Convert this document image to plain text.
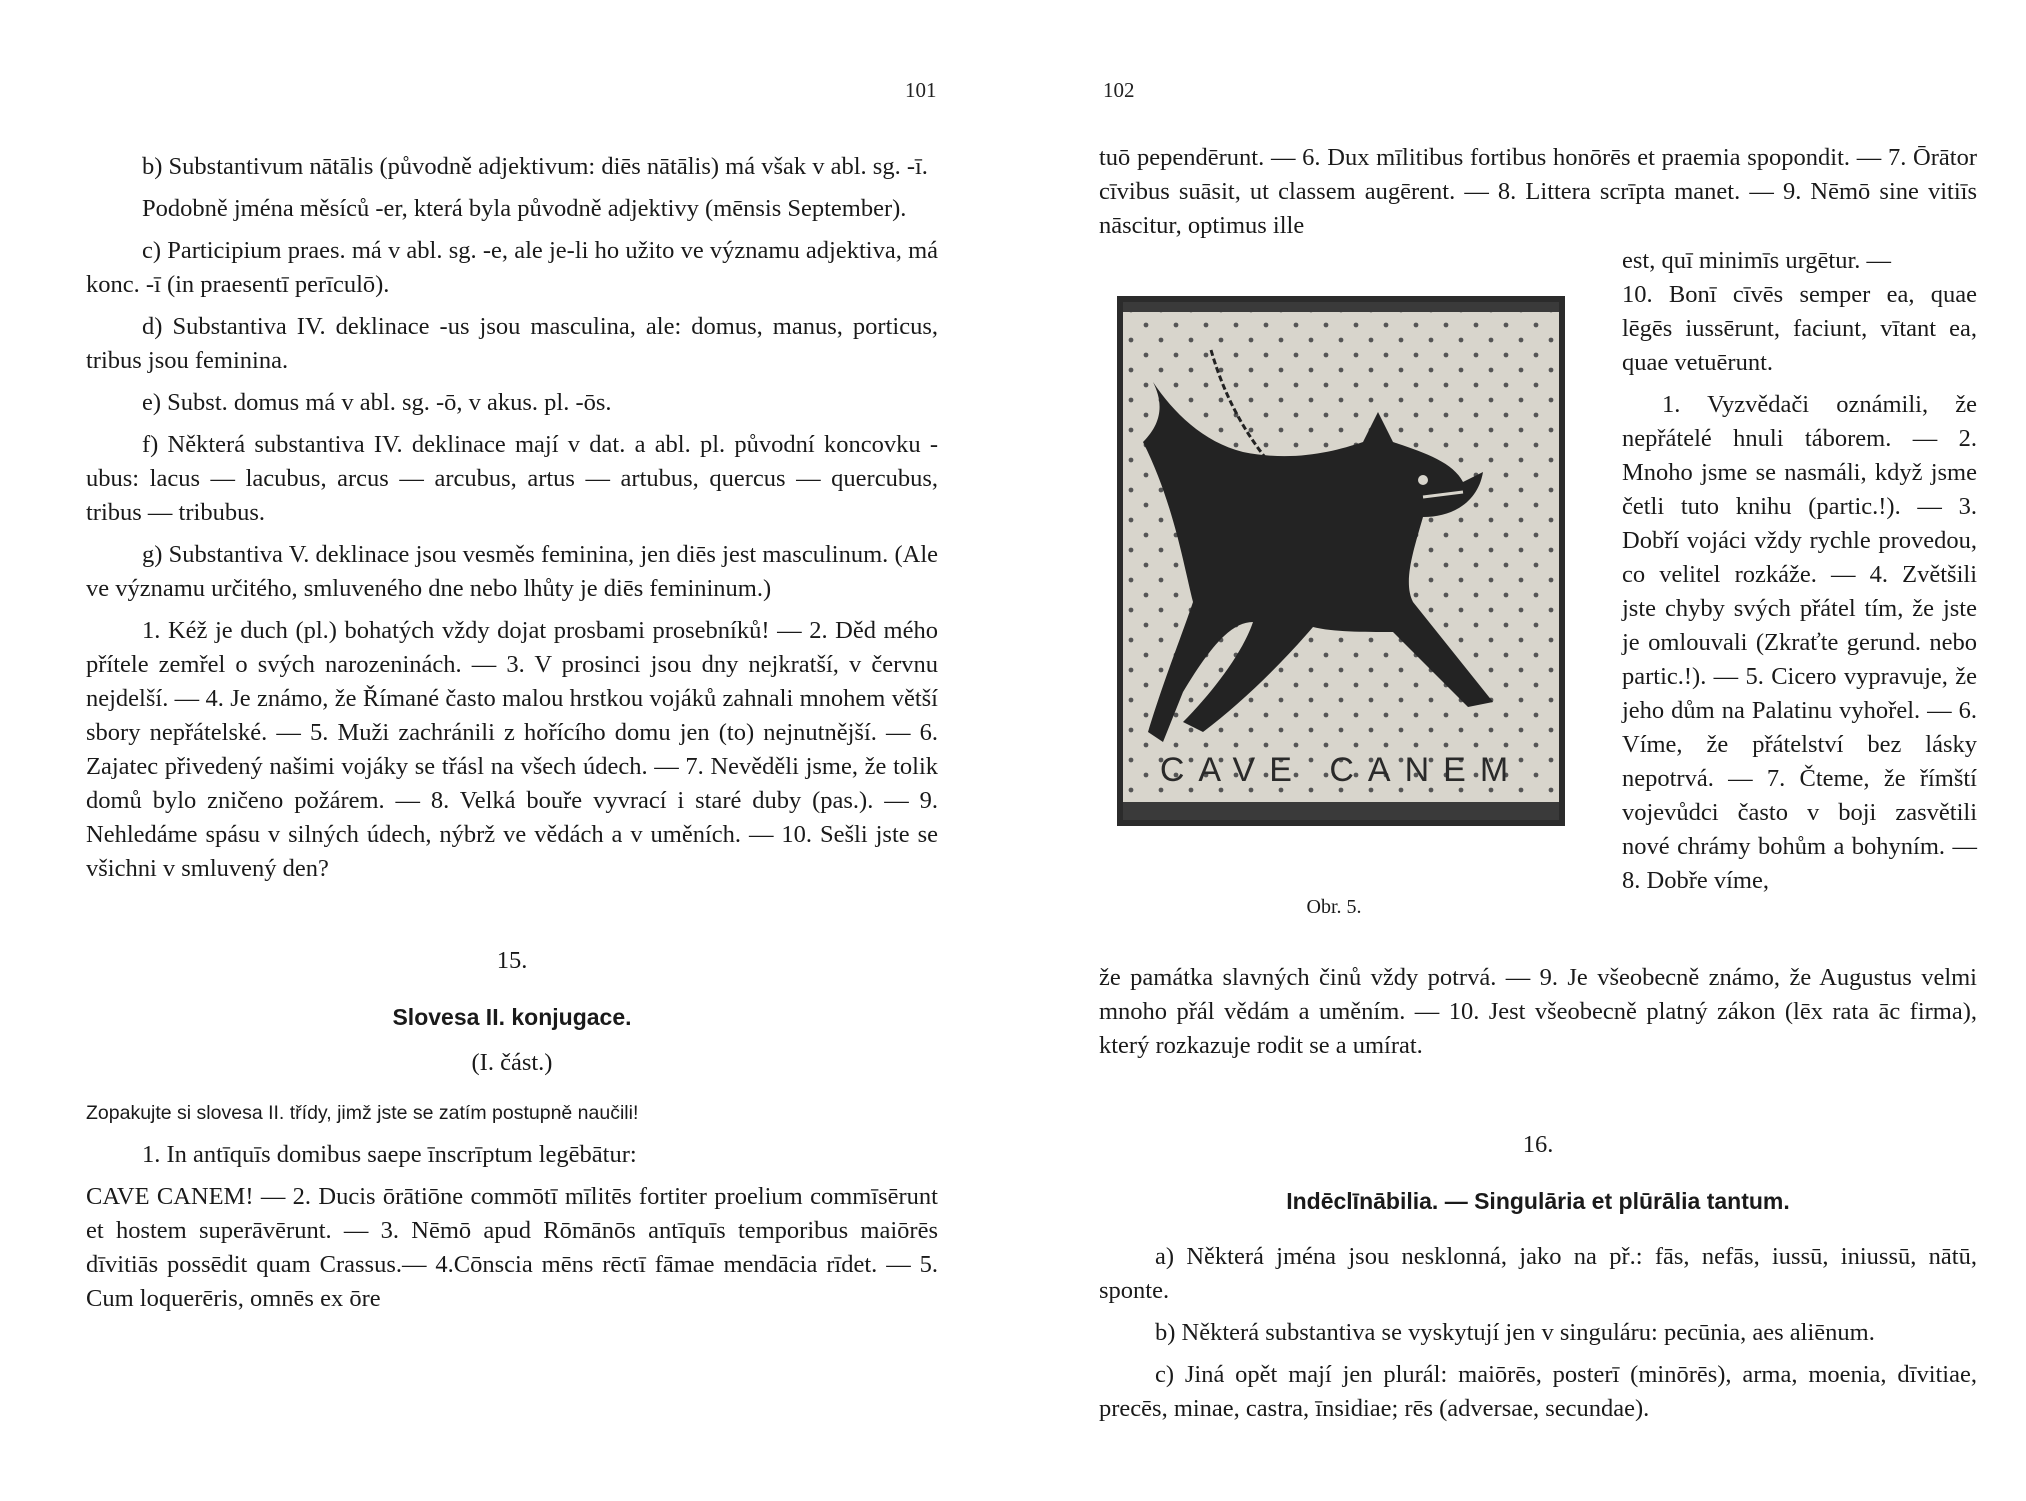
101

b) Substantivum nātālis (původně adjektivum: diēs nātālis) má však v abl. sg. -ī.

Podobně jména měsíců -er, která byla původně adjektivy (mēnsis September).

c) Participium praes. má v abl. sg. -e, ale je-li ho užito ve významu adjektiva, má konc. -ī (in praesentī perīculō).

d) Substantiva IV. deklinace -us jsou masculina, ale: domus, manus, porticus, tribus jsou feminina.

e) Subst. domus má v abl. sg. -ō, v akus. pl. -ōs.

f) Některá substantiva IV. deklinace mají v dat. a abl. pl. původní koncovku -ubus: lacus — lacubus, arcus — arcubus, artus — artubus, quercus — quercubus, tribus — tribubus.

g) Substantiva V. deklinace jsou vesměs feminina, jen diēs jest masculinum. (Ale ve významu určitého, smluveného dne nebo lhůty je diēs femininum.)

1. Kéž je duch (pl.) bohatých vždy dojat prosbami prosebníků! — 2. Děd mého přítele zemřel o svých narozeninách. — 3. V prosinci jsou dny nejkratší, v červnu nejdelší. — 4. Je známo, že Římané často malou hrstkou vojáků zahnali mnohem větší sbory nepřátelské. — 5. Muži zachránili z hořícího domu jen (to) nejnutnější. — 6. Zajatec přivedený našimi vojáky se třásl na všech údech. — 7. Nevěděli jsme, že tolik domů bylo zničeno požárem. — 8. Velká bouře vyvrací i staré duby (pas.). — 9. Nehledáme spásu v silných údech, nýbrž ve vědách a v uměních. — 10. Sešli jste se všichni v smluvený den?

15.

Slovesa II. konjugace.

(I. část.)

Zopakujte si slovesa II. třídy, jimž jste se zatím postupně naučili!

1. In antīquīs domibus saepe īnscrīptum legēbātur:

CAVE CANEM! — 2. Ducis ōrātiōne commōtī mīlitēs fortiter proelium commīsērunt et hostem superāvērunt. — 3. Nēmō apud Rōmānōs antīquīs temporibus maiōrēs dīvitiās possēdit quam Crassus.— 4.Cōnscia mēns rēctī fāmae mendācia rīdet. — 5. Cum loquerēris, omnēs ex ōre

102

tuō pependērunt. — 6. Dux mīlitibus fortibus honōrēs et praemia spopondit. — 7. Ōrātor cīvibus suāsit, ut classem augērent. — 8. Littera scrīpta manet. — 9. Nēmō sine vitiīs nāscitur, optimus ille

CAVE CANEM
Obr. 5.

est, quī minimīs urgētur. —

10. Bonī cīvēs semper ea, quae lēgēs iussērunt, faciunt, vītant ea, quae vetuērunt.

1. Vyzvědači oznámili, že nepřátelé hnuli táborem. — 2. Mnoho jsme se nasmáli, když jsme četli tuto knihu (partic.!). — 3. Dobří vojáci vždy rychle provedou, co velitel rozkáže. — 4. Zvětšili jste chyby svých přátel tím, že jste je omlouvali (Zkraťte gerund. nebo partic.!). — 5. Cicero vypravuje, že jeho dům na Palatinu vyhořel. — 6. Víme, že přátelství bez lásky nepotrvá. — 7. Čteme, že římští vojevůdci často v boji zasvětili nové chrámy bohům a bohyním. — 8. Dobře víme,

že památka slavných činů vždy potrvá. — 9. Je všeobecně známo, že Augustus velmi mnoho přál vědám a uměním. — 10. Jest všeobecně platný zákon (lēx rata āc firma), který rozkazuje rodit se a umírat.

16.

Indēclīnābilia. — Singulāria et plūrālia tantum.

a) Některá jména jsou nesklonná, jako na př.: fās, nefās, iussū, iniussū, nātū, sponte.

b) Některá substantiva se vyskytují jen v singuláru: pecūnia, aes aliēnum.

c) Jiná opět mají jen plurál: maiōrēs, posterī (minōrēs), arma, moenia, dīvitiae, precēs, minae, castra, īnsidiae; rēs (adversae, secundae).
